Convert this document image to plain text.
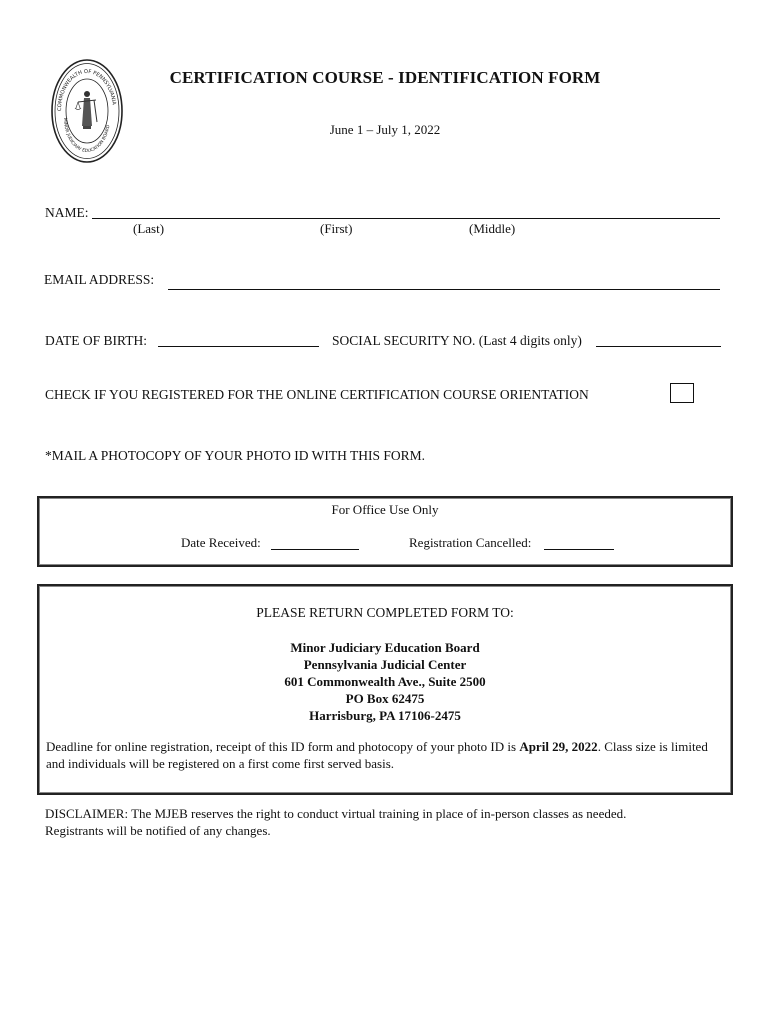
COMMONWEALTH OF PENNSYLVANIA
MINOR JUDICIARY EDUCATION BOARD
CERTIFICATION COURSE - IDENTIFICATION FORM
June 1 – July 1, 2022
NAME:
(Last)	(First)	(Middle)
EMAIL ADDRESS:
DATE OF BIRTH:	SOCIAL SECURITY NO. (Last 4 digits only)
CHECK IF YOU REGISTERED FOR THE ONLINE CERTIFICATION COURSE ORIENTATION
*MAIL A PHOTOCOPY OF YOUR PHOTO ID WITH THIS FORM.
For Office Use Only
Date Received:	Registration Cancelled:
PLEASE RETURN COMPLETED FORM TO:
Minor Judiciary Education Board
Pennsylvania Judicial Center
601 Commonwealth Ave., Suite 2500
PO Box 62475
Harrisburg, PA 17106-2475
Deadline for online registration, receipt of this ID form and photocopy of your photo ID is April 29, 2022. Class size is limited and individuals will be registered on a first come first served basis.
DISCLAIMER: The MJEB reserves the right to conduct virtual training in place of in-person classes as needed. Registrants will be notified of any changes.
